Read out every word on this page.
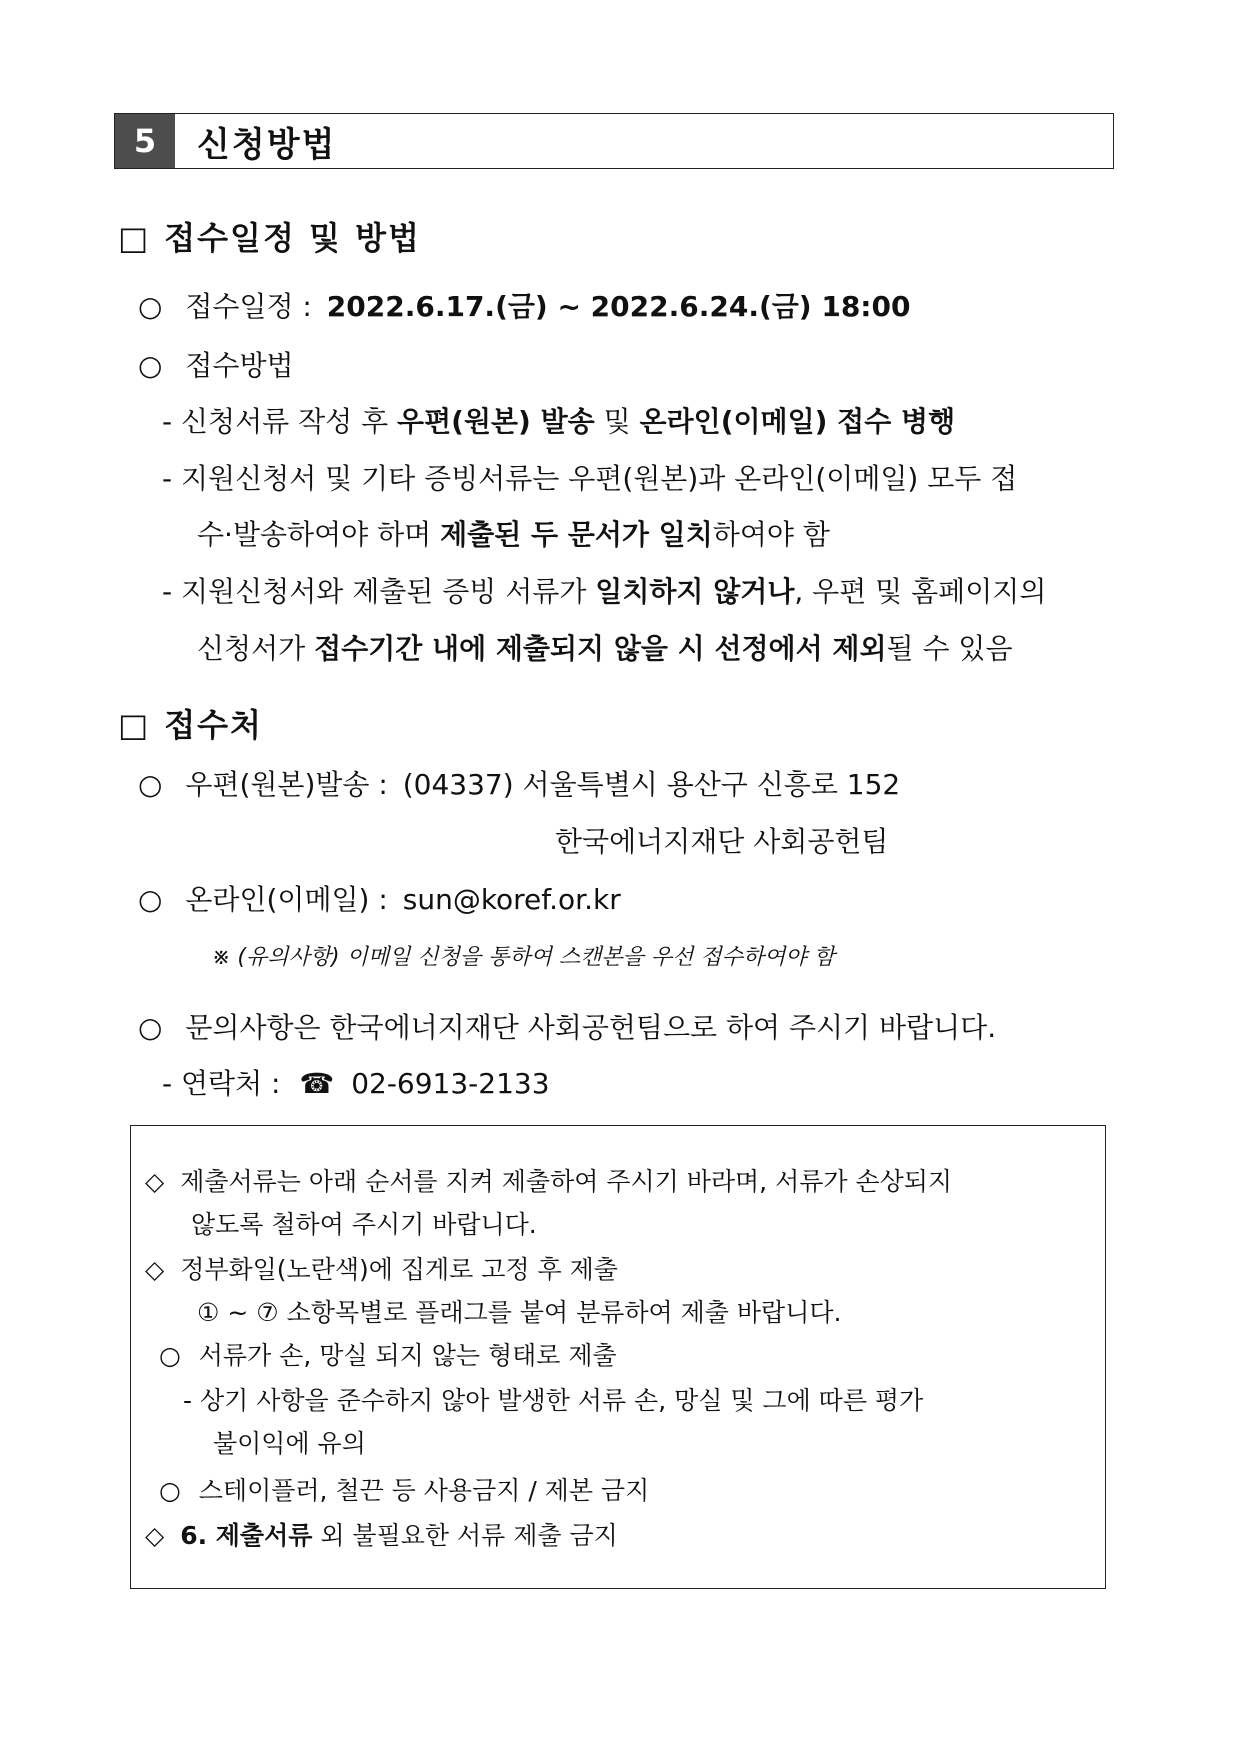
5	신청방법
□ 접수일정 및 방법
○ 접수일정 : 2022.6.17.(금) ~ 2022.6.24.(금) 18:00
○ 접수방법
- 신청서류 작성 후 우편(원본) 발송 및 온라인(이메일) 접수 병행
- 지원신청서 및 기타 증빙서류는 우편(원본)과 온라인(이메일) 모두 접
수·발송하여야 하며 제출된 두 문서가 일치하여야 함
- 지원신청서와 제출된 증빙 서류가 일치하지 않거나, 우편 및 홈페이지의
신청서가 접수기간 내에 제출되지 않을 시 선정에서 제외될 수 있음
□ 접수처
○ 우편(원본)발송 : (04337) 서울특별시 용산구 신흥로 152
한국에너지재단 사회공헌팀
○ 온라인(이메일) : sun@koref.or.kr
※ (유의사항) 이메일 신청을 통하여 스캔본을 우선 접수하여야 함
○ 문의사항은 한국에너지재단 사회공헌팀으로 하여 주시기 바랍니다.
- 연락처 : ☎ 02-6913-2133
◇ 제출서류는 아래 순서를 지켜 제출하여 주시기 바라며, 서류가 손상되지
않도록 철하여 주시기 바랍니다.
◇ 정부화일(노란색)에 집게로 고정 후 제출
① ~ ⑦ 소항목별로 플래그를 붙여 분류하여 제출 바랍니다.
○ 서류가 손, 망실 되지 않는 형태로 제출
- 상기 사항을 준수하지 않아 발생한 서류 손, 망실 및 그에 따른 평가
불이익에 유의
○ 스테이플러, 철끈 등 사용금지 / 제본 금지
◇ 6. 제출서류 외 불필요한 서류 제출 금지
